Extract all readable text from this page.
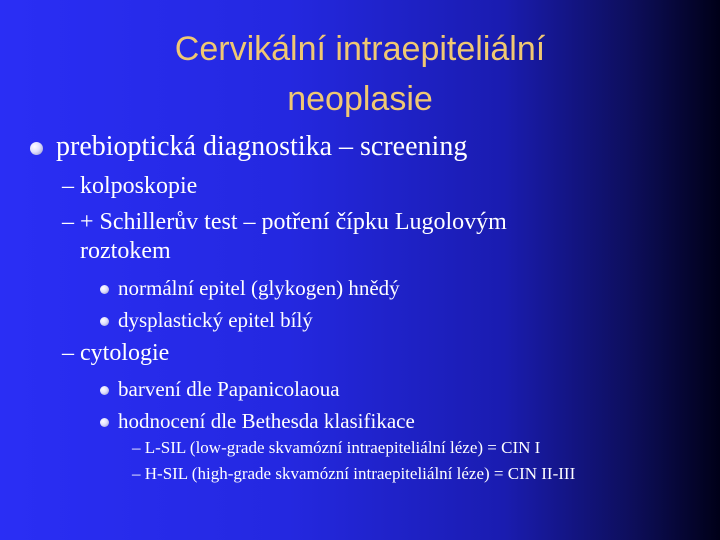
Cervikální intraepiteliální
neoplasie
prebioptická diagnostika – screening
– kolposkopie
– + Schillerův test – potření čípku Lugolovým
roztokem
normální epitel (glykogen) hnědý
dysplastický epitel bílý
– cytologie
barvení dle Papanicolaoua
hodnocení dle Bethesda klasifikace
– L-SIL (low-grade skvamózní intraepiteliální léze) = CIN I
– H-SIL (high-grade skvamózní intraepiteliální léze) = CIN II-III
